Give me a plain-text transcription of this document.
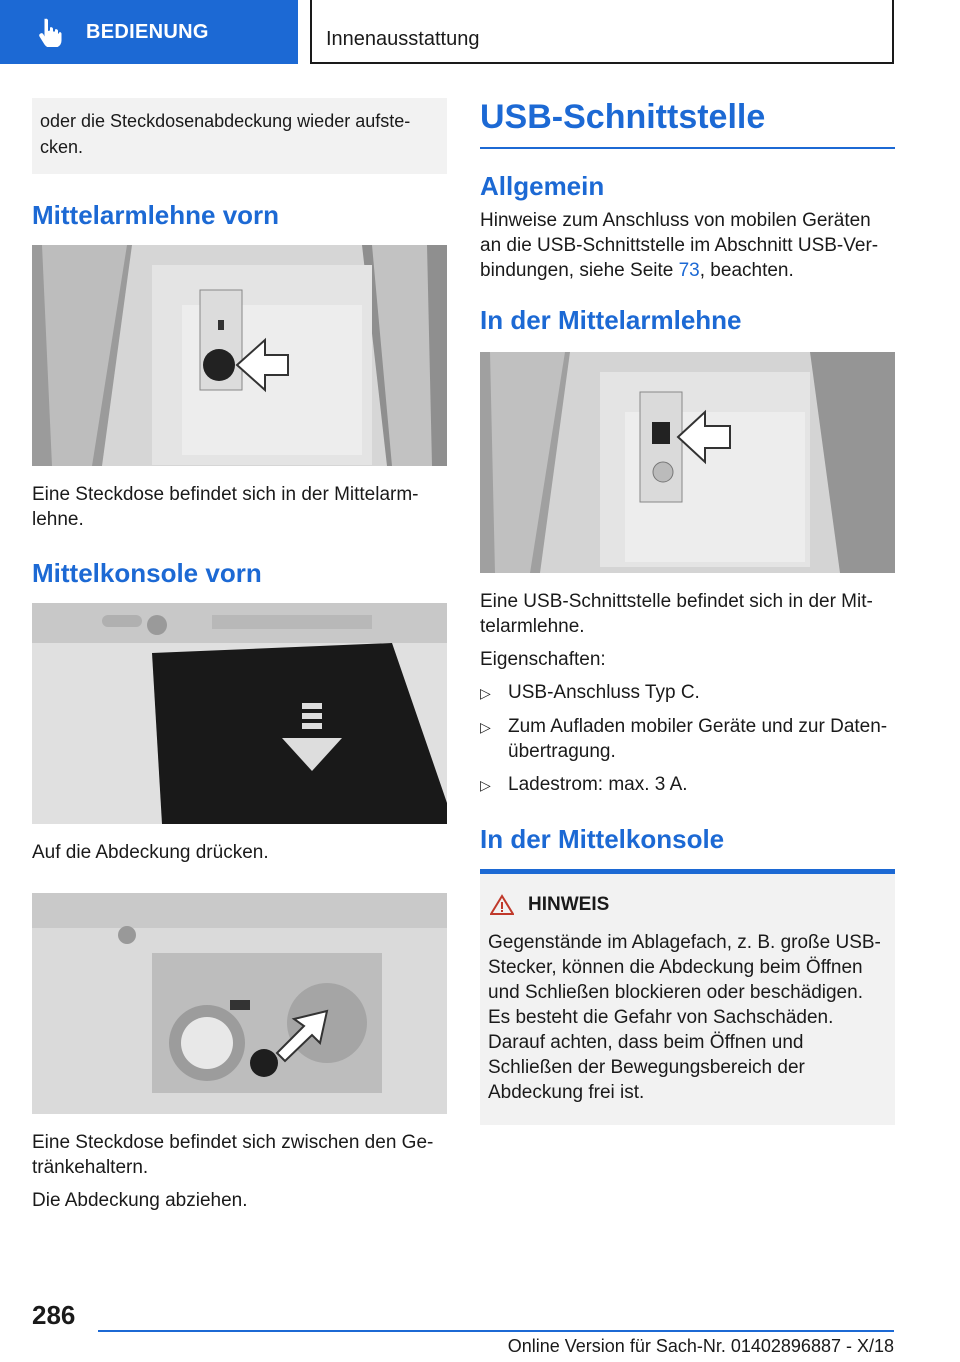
BEDIENUNG	Innenausstattung
oder die Steckdosenabdeckung wieder aufste-cken.
Mittelarmlehne vorn

Eine Steckdose befindet sich in der Mittelarm-lehne.

Mittelkonsole vorn

Auf die Abdeckung drücken.

Eine Steckdose befindet sich zwischen den Ge-tränkehaltern.

Die Abdeckung abziehen.

USB-Schnittstelle
Allgemein

Hinweise zum Anschluss von mobilen Geräten an die USB-Schnittstelle im Abschnitt USB-Ver-bindungen, siehe Seite 73, beachten.

In der Mittelarmlehne

Eine USB-Schnittstelle befindet sich in der Mit-telarmlehne.

Eigenschaften:

▷ USB-Anschluss Typ C.
▷ Zum Aufladen mobiler Geräte und zur Daten-übertragung.
▷ Ladestrom: max. 3 A.
In der Mittelkonsole
HINWEIS

Gegenstände im Ablagefach, z. B. große USB-Stecker, können die Abdeckung beim Öffnen und Schließen blockieren oder beschädigen. Es besteht die Gefahr von Sachschäden. Darauf achten, dass beim Öffnen und Schließen der Bewegungsbereich der Abdeckung frei ist.

286
Online Version für Sach-Nr. 01402896887 - X/18
